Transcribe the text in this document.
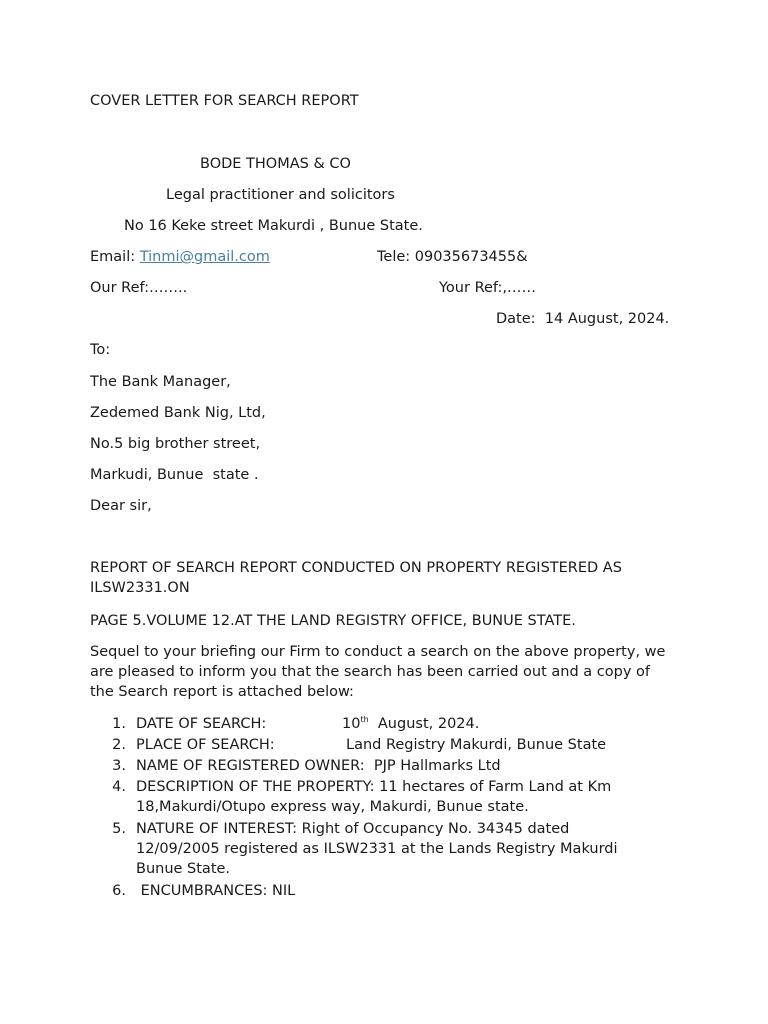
COVER LETTER FOR SEARCH REPORT
BODE THOMAS & CO
Legal practitioner and solicitors
No 16 Keke street Makurdi , Bunue State.
Email: Tinmi@gmail.com	Tele: 09035673455&
Our Ref:……..	Your Ref:,……
Date:  14 August, 2024.
To:
The Bank Manager,
Zedemed Bank Nig, Ltd,
No.5 big brother street,
Markudi, Bunue  state .
Dear sir,
REPORT OF SEARCH REPORT CONDUCTED ON PROPERTY REGISTERED AS ILSW2331.ON
PAGE 5.VOLUME 12.AT THE LAND REGISTRY OFFICE, BUNUE STATE.
Sequel to your briefing our Firm to conduct a search on the above property, we are pleased to inform you that the search has been carried out and a copy of the Search report is attached below:
1. DATE OF SEARCH:	10th  August, 2024.
2. PLACE OF SEARCH:	Land Registry Makurdi, Bunue State
3. NAME OF REGISTERED OWNER:  PJP Hallmarks Ltd
4. DESCRIPTION OF THE PROPERTY: 11 hectares of Farm Land at Km 18,Makurdi/Otupo express way, Makurdi, Bunue state.
5. NATURE OF INTEREST: Right of Occupancy No. 34345 dated 12/09/2005 registered as ILSW2331 at the Lands Registry Makurdi Bunue State.
6. ENCUMBRANCES: NIL
